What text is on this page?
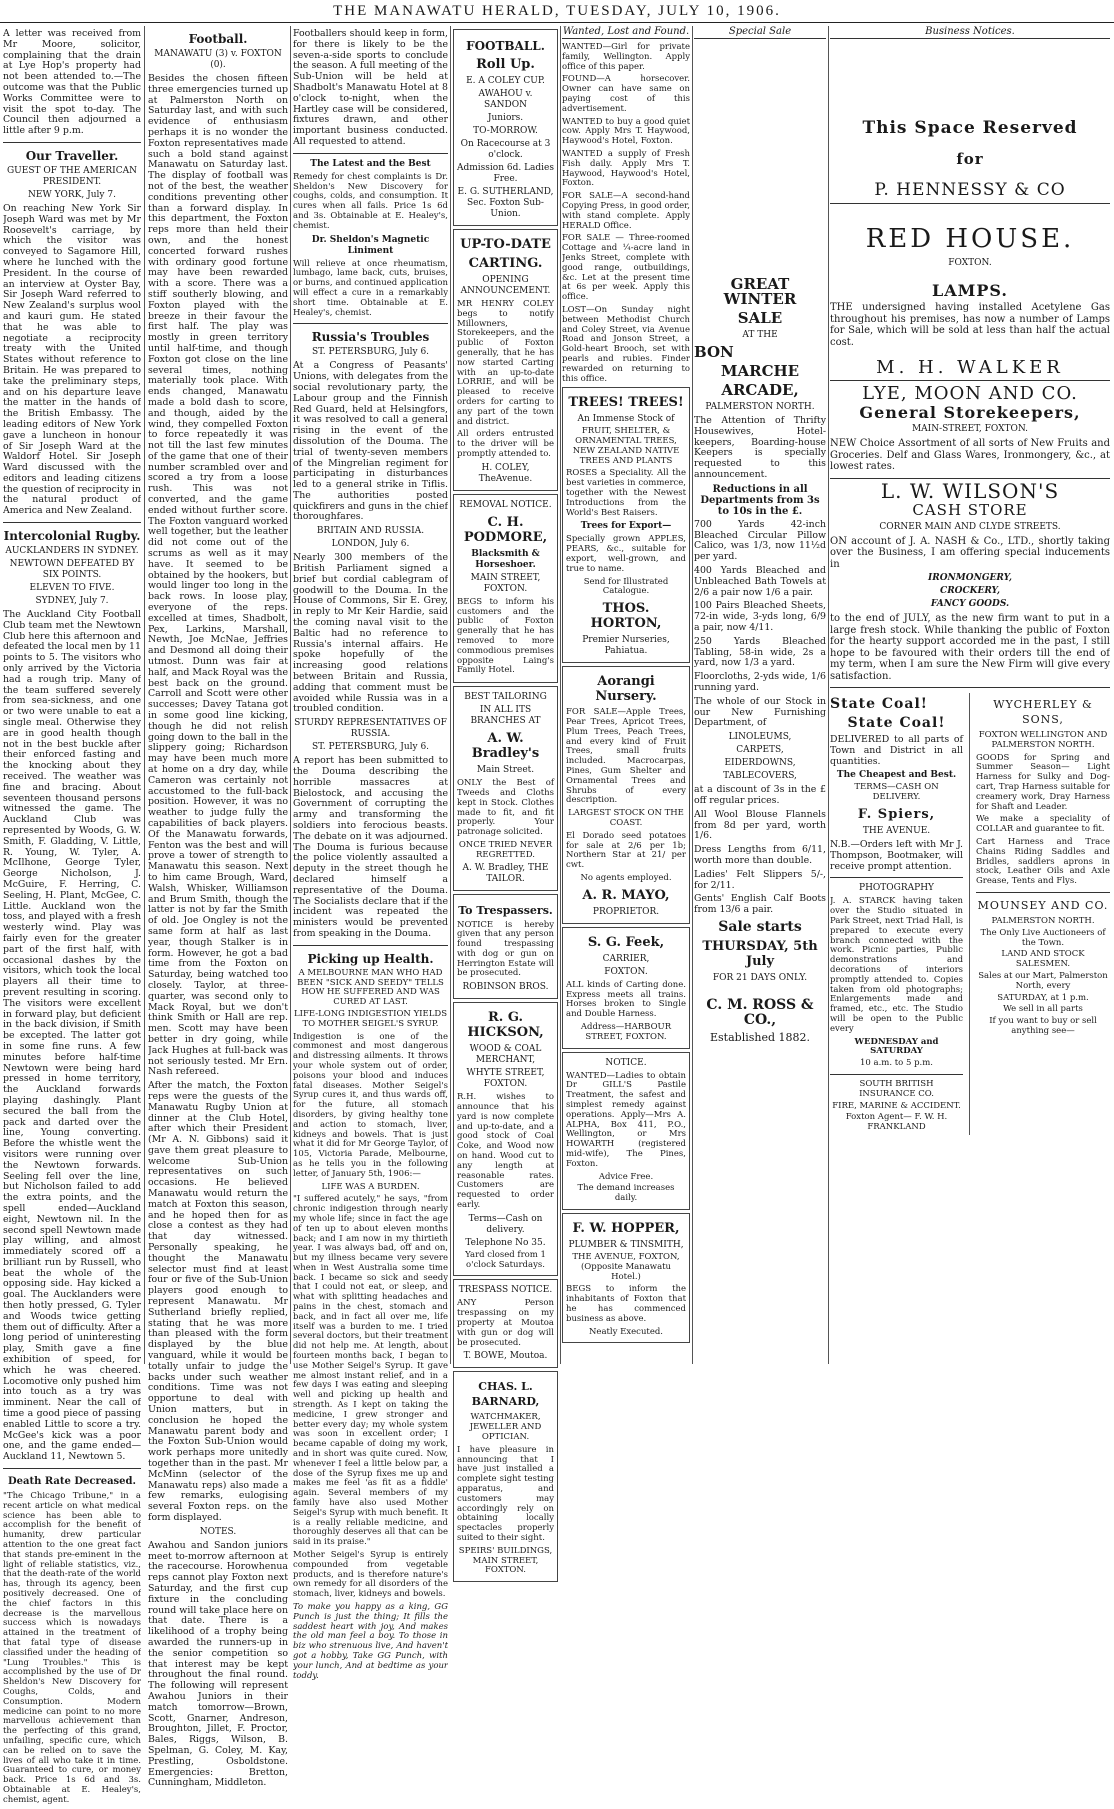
THE MANAWATU HERALD, TUESDAY, JULY 10, 1906.

A letter was received from Mr Moore, solicitor, complaining that the drain at Lye Hop's property had not been attended to.—The outcome was that the Public Works Committee were to visit the spot to-day. The Council then adjourned a little after 9 p.m.

Our Traveller.
GUEST OF THE AMERICAN PRESIDENT.
NEW YORK, July 7.

On reaching New York Sir Joseph Ward was met by Mr Roosevelt's carriage, by which the visitor was conveyed to Sagamore Hill, where he lunched with the President. In the course of an interview at Oyster Bay, Sir Joseph Ward referred to New Zealand's surplus wool and kauri gum. He stated that he was able to negotiate a reciprocity treaty with the United States without reference to Britain. He was prepared to take the preliminary steps, and on his departure leave the matter in the hands of the British Embassy. The leading editors of New York gave a luncheon in honour of Sir Joseph Ward at the Waldorf Hotel. Sir Joseph Ward discussed with the editors and leading citizens the question of reciprocity in the natural product of America and New Zealand.

Intercolonial Rugby.
AUCKLANDERS IN SYDNEY.
NEWTOWN DEFEATED BY SIX POINTS.
ELEVEN TO FIVE.
SYDNEY, July 7.

The Auckland City Football Club team met the Newtown Club here this afternoon and defeated the local men by 11 points to 5. The visitors who only arrived by the Victoria had a rough trip. Many of the team suffered severely from sea-sickness, and one or two were unable to eat a single meal. Otherwise they are in good health though not in the best buckle after their enforced fasting and the knocking about they received. The weather was fine and bracing. About seventeen thousand persons witnessed the game. The Auckland Club was represented by Woods, G. W. Smith, F. Gladding, V. Little, R. Young, W. Tyler, A. McIlhone, George Tyler, George Nicholson, J. McGuire, F. Herring, C. Seeling, H. Plant, McGee, C. Little. Auckland won the toss, and played with a fresh westerly wind. Play was fairly even for the greater part of the first half, with occasional dashes by the visitors, which took the local players all their time to prevent resulting in scoring. The visitors were excellent in forward play, but deficient in the back division, if Smith be excepted. The latter got in some fine runs. A few minutes before half-time Newtown were being hard pressed in home territory, the Auckland forwards playing dashingly. Plant secured the ball from the pack and darted over the line, Young converting. Before the whistle went the visitors were running over the Newtown forwards. Seeling fell over the line, but Nicholson failed to add the extra points, and the spell ended—Auckland eight, Newtown nil. In the second spell Newtown made play willing, and almost immediately scored off a brilliant run by Russell, who beat the whole of the opposing side. Hay kicked a goal. The Aucklanders were then hotly pressed, G. Tyler and Woods twice getting them out of difficulty. After a long period of uninteresting play, Smith gave a fine exhibition of speed, for which he was cheered. Locomotive only pushed him into touch as a try was imminent. Near the call of time a good piece of passing enabled Little to score a try. McGee's kick was a poor one, and the game ended—Auckland 11, Newtown 5.

Death Rate Decreased.

"The Chicago Tribune," in a recent article on what medical science has been able to accomplish for the benefit of humanity, drew particular attention to the one great fact that stands pre-eminent in the light of reliable statistics, viz., that the death-rate of the world has, through its agency, been positively decreased. One of the chief factors in this decrease is the marvellous success which is nowadays attained in the treatment of that fatal type of disease classified under the heading of "Lung Troubles." This is accomplished by the use of Dr Sheldon's New Discovery for Coughs, Colds, and Consumption. Modern medicine can point to no more marvellous achievement than the perfecting of this grand, unfailing, specific cure, which can be relied on to save the lives of all who take it in time. Guaranteed to cure, or money back. Price 1s 6d and 3s. Obtainable at E. Healey's, chemist, agent.

Football.
MANAWATU (3) v. FOXTON (0).

Besides the chosen fifteen three emergencies turned up at Palmerston North on Saturday last, and with such evidence of enthusiasm perhaps it is no wonder the Foxton representatives made such a bold stand against Manawatu on Saturday last. The display of football was not of the best, the weather conditions preventing other than a forward display. In this department, the Foxton reps more than held their own, and the honest concerted forward rushes with ordinary good fortune may have been rewarded with a score. There was a stiff southerly blowing, and Foxton played with the breeze in their favour the first half. The play was mostly in green territory until half-time, and though Foxton got close on the line several times, nothing materially took place. With ends changed, Manawatu made a bold dash to score, and though, aided by the wind, they compelled Foxton to force repeatedly it was not till the last few minutes of the game that one of their number scrambled over and scored a try from a loose rush. This was not converted, and the game ended without further score. The Foxton vanguard worked well together, but the leather did not come out of the scrums as well as it may have. It seemed to be obtained by the hookers, but would linger too long in the back rows. In loose play, everyone of the reps. excelled at times, Shadbolt, Pex, Larkins, Marshall, Newth, Joe McNae, Jeffries and Desmond all doing their utmost. Dunn was fair at half, and Mack Royal was the best back on the ground. Carroll and Scott were other successes; Davey Tatana got in some good line kicking, though he did not relish going down to the ball in the slippery going; Richardson may have been much more at home on a dry day, while Cameron was certainly not accustomed to the full-back position. However, it was no weather to judge fully the capabilities of back players. Of the Manawatu forwards, Fenton was the best and will prove a tower of strength to Manawatu this season. Next to him came Brough, Ward, Walsh, Whisker, Williamson and Brum Smith, though the latter is not by far the Smith of old. Joe Ongley is not the same form at half as last year, though Stalker is in form. However, he got a bad time from the Foxton on Saturday, being watched too closely. Taylor, at three-quarter, was second only to Mack Royal, but we don't think Smith or Hall are rep. men. Scott may have been better in dry going, while Jack Hughes at full-back was not seriously tested. Mr Ern. Nash refereed.

After the match, the Foxton reps were the guests of the Manawatu Rugby Union at dinner at the Club Hotel, after which their President (Mr A. N. Gibbons) said it gave them great pleasure to welcome Sub-Union representatives on such occasions. He believed Manawatu would return the match at Foxton this season, and he hoped then for as close a contest as they had that day witnessed. Personally speaking, he thought the Manawatu selector must find at least four or five of the Sub-Union players good enough to represent Manawatu. Mr Sutherland briefly replied, stating that he was more than pleased with the form displayed by the blue vanguard, while it would be totally unfair to judge the backs under such weather conditions. Time was not opportune to deal with Union matters, but in conclusion he hoped the Manawatu parent body and the Foxton Sub-Union would work perhaps more unitedly together than in the past. Mr McMinn (selector of the Manawatu reps) also made a few remarks, eulogising several Foxton reps. on the form displayed.

NOTES.

Awahou and Sandon juniors meet to-morrow afternoon at the racecourse. Horowhenua reps cannot play Foxton next Saturday, and the first cup fixture in the concluding round will take place here on that date. There is a likelihood of a trophy being awarded the runners-up in the senior competition so that interest may be kept throughout the final round. The following will represent Awahou Juniors in their match tomorrow—Brown, Scott, Gnarner, Andreson, Broughton, Jillet, F. Proctor, Bales, Riggs, Wilson, B. Spelman, G. Coley, M. Kay, Prestling, Osboldstone. Emergencies: Bretton, Cunningham, Middleton.

Footballers should keep in form, for there is likely to be the seven-a-side sports to conclude the season. A full meeting of the Sub-Union will be held at Shadbolt's Manawatu Hotel at 8 o'clock to-night, when the Hartley case will be considered, fixtures drawn, and other important business conducted. All requested to attend.

The Latest and the Best

Remedy for chest complaints is Dr. Sheldon's New Discovery for coughs, colds, and consumption. It cures when all fails. Price 1s 6d and 3s. Obtainable at E. Healey's, chemist.

Dr. Sheldon's Magnetic Liniment

Will relieve at once rheumatism, lumbago, lame back, cuts, bruises, or burns, and continued application will effect a cure in a remarkably short time. Obtainable at E. Healey's, chemist.

Russia's Troubles
ST. PETERSBURG, July 6.

At a Congress of Peasants' Unions, with delegates from the social revolutionary party, the Labour group and the Finnish Red Guard, held at Helsingfors, it was resolved to call a general rising in the event of the dissolution of the Douma. The trial of twenty-seven members of the Mingrelian regiment for participating in disturbances led to a general strike in Tiflis. The authorities posted quickfirers and guns in the chief thoroughfares.

BRITAIN AND RUSSIA.
LONDON, July 6.

Nearly 300 members of the British Parliament signed a brief but cordial cablegram of goodwill to the Douma. In the House of Commons, Sir E. Grey, in reply to Mr Keir Hardie, said the coming naval visit to the Baltic had no reference to Russia's internal affairs. He spoke hopefully of the increasing good relations between Britain and Russia, adding that comment must be avoided while Russia was in a troubled condition.

STURDY REPRESENTATIVES OF RUSSIA.
ST. PETERSBURG, July 6.

A report has been submitted to the Douma describing the horrible massacres at Bielostock, and accusing the Government of corrupting the army and transforming the soldiers into ferocious beasts. The debate on it was adjourned. The Douma is furious because the police violently assaulted a deputy in the street though he declared himself a representative of the Douma. The Socialists declare that if the incident was repeated the ministers would be prevented from speaking in the Douma.

Picking up Health.
A MELBOURNE MAN WHO HAD BEEN "SICK AND SEEDY" TELLS HOW HE SUFFERED AND WAS CURED AT LAST.
LIFE-LONG INDIGESTION YIELDS TO MOTHER SEIGEL'S SYRUP.

Indigestion is one of the commonest and most dangerous and distressing ailments. It throws your whole system out of order, poisons your blood and induces fatal diseases. Mother Seigel's Syrup cures it, and thus wards off, for the future, all stomach disorders, by giving healthy tone and action to stomach, liver, kidneys and bowels. That is just what it did for Mr George Taylor, of 105, Victoria Parade, Melbourne, as he tells you in the following letter, of January 5th, 1906:—

LIFE WAS A BURDEN.

"I suffered acutely," he says, "from chronic indigestion through nearly my whole life; since in fact the age of ten up to about eleven months back; and I am now in my thirtieth year. I was always bad, off and on, but my illness became very severe when in West Australia some time back. I became so sick and seedy that I could not eat, or sleep, and what with splitting headaches and pains in the chest, stomach and back, and in fact all over me, life itself was a burden to me. I tried several doctors, but their treatment did not help me. At length, about fourteen months back, I began to use Mother Seigel's Syrup. It gave me almost instant relief, and in a few days I was eating and sleeping well and picking up health and strength. As I kept on taking the medicine, I grew stronger and better every day; my whole system was soon in excellent order; I became capable of doing my work, and in short was quite cured. Now, whenever I feel a little below par, a dose of the Syrup fixes me up and makes me feel 'as fit as a fiddle' again. Several members of my family have also used Mother Seigel's Syrup with much benefit. It is a really reliable medicine, and thoroughly deserves all that can be said in its praise."

Mother Seigel's Syrup is entirely compounded from vegetable products, and is therefore nature's own remedy for all disorders of the stomach, liver, kidneys and bowels.

To make you happy as a king, GG Punch is just the thing; It fills the saddest heart with joy, And makes the old man feel a boy. To those in biz who strenuous live, And haven't got a hobby, Take GG Punch, with your lunch, And at bedtime as your toddy.

FOOTBALL.
Roll Up.
E. A COLEY CUP.
AWAHOU v. SANDON
Juniors.
TO-MORROW.
On Racecourse at 3 o'clock.
Admission 6d. Ladies Free.
E. G. SUTHERLAND, Sec. Foxton Sub-Union.
UP-TO-DATE
CARTING.
OPENING ANNOUNCEMENT.

MR HENRY COLEY begs to notify Millowners, Storekeepers, and the public of Foxton generally, that he has now started Carting with an up-to-date LORRIE, and will be pleased to receive orders for carting to any part of the town and district.

All orders entrusted to the driver will be promptly attended to.

H. COLEY, TheAvenue.
REMOVAL NOTICE.
C. H. PODMORE,
Blacksmith & Horseshoer.
MAIN STREET, FOXTON.

BEGS to inform his customers and the public of Foxton generally that he has removed to more commodious premises opposite Laing's Family Hotel.

BEST TAILORING
IN ALL ITS BRANCHES AT
A. W. Bradley's
Main Street.

ONLY the Best of Tweeds and Cloths kept in Stock. Clothes made to fit, and fit properly. Your patronage solicited.

ONCE TRIED NEVER REGRETTED.
A. W. Bradley, THE TAILOR.
To Trespassers.

NOTICE is hereby given that any person found trespassing with dog or gun on Herrington Estate will be prosecuted.

ROBINSON BROS.
R. G. HICKSON,
WOOD & COAL MERCHANT,
WHYTE STREET, FOXTON.

R.H. wishes to announce that his yard is now complete and up-to-date, and a good stock of Coal Coke, and Wood now on hand. Wood cut to any length at reasonable rates. Customers are requested to order early.

Terms—Cash on delivery.
Telephone No 35.
Yard closed from 1 o'clock Saturdays.
TRESPASS NOTICE.

ANY Person trespassing on my property at Moutoa with gun or dog will be prosecuted.

T. BOWE, Moutoa.
CHAS. L. BARNARD,
WATCHMAKER, JEWELLER AND OPTICIAN.

I have pleasure in announcing that I have just installed a complete sight testing apparatus, and customers may accordingly rely on obtaining locally spectacles properly suited to their sight.

SPEIRS' BUILDINGS, MAIN STREET, FOXTON.
Wanted, Lost and Found.

WANTED—Girl for private family, Wellington. Apply office of this paper.

FOUND—A horsecover. Owner can have same on paying cost of this advertisement.

WANTED to buy a good quiet cow. Apply Mrs T. Haywood, Haywood's Hotel, Foxton.

WANTED a supply of Fresh Fish daily. Apply Mrs T. Haywood, Haywood's Hotel, Foxton.

FOR SALE—A second-hand Copying Press, in good order, with stand complete. Apply HERALD Office.

FOR SALE — Three-roomed Cottage and ¼-acre land in Jenks Street, complete with good range, outbuildings, &c. Let at the present time at 6s per week. Apply this office.

LOST—On Sunday night between Methodist Church and Coley Street, via Avenue Road and Jonson Street, a Gold-heart Brooch, set with pearls and rubies. Finder rewarded on returning to this office.

TREES! TREES!
An Immense Stock of
FRUIT, SHELTER, & ORNAMENTAL TREES, NEW ZEALAND NATIVE TREES AND PLANTS

ROSES a Speciality. All the best varieties in commerce, together with the Newest Introductions from the World's Best Raisers.

Trees for Export—

Specially grown APPLES, PEARS, &c., suitable for export, well-grown, and true to name.

Send for Illustrated Catalogue.
THOS. HORTON,
Premier Nurseries, Pahiatua.
Aorangi Nursery.

FOR SALE—Apple Trees, Pear Trees, Apricot Trees, Plum Trees, Peach Trees, and every kind of Fruit Trees, small fruits included. Macrocarpas, Pines, Gum Shelter and Ornamental Trees and Shrubs of every description.

LARGEST STOCK ON THE COAST.

El Dorado seed potatoes for sale at 2/6 per 1b; Northern Star at 21/ per cwt.

No agents employed.
A. R. MAYO,
PROPRIETOR.
S. G. Feek,
CARRIER,
FOXTON.

ALL kinds of Carting done. Express meets all trains. Horses broken to Single and Double Harness.

Address—HARBOUR STREET, FOXTON.
NOTICE.

WANTED—Ladies to obtain Dr GILL'S Pastile Treatment, the safest and simplest remedy against operations. Apply—Mrs A. ALPHA, Box 411, P.O., Wellington, or Mrs HOWARTH (registered mid-wife), The Pines, Foxton.

Advice Free.
The demand increases daily.
F. W. HOPPER,
PLUMBER & TINSMITH,
THE AVENUE, FOXTON, (Opposite Manawatu Hotel.)

BEGS to inform the inhabitants of Foxton that he has commenced business as above.

Neatly Executed.
Special Sale
GREAT WINTER
SALE
AT THE
BON
MARCHE
ARCADE,
PALMERSTON NORTH.

The Attention of Thrifty Housewives, Hotel-keepers, Boarding-house Keepers is specially requested to this announcement.

Reductions in all Departments from 3s to 10s in the £.

700 Yards 42-inch Bleached Circular Pillow Calico, was 1/3, now 11½d per yard.

400 Yards Bleached and Unbleached Bath Towels at 2/6 a pair now 1/6 a pair.

100 Pairs Bleached Sheets, 72-in wide, 3-yds long, 6/9 a pair, now 4/11.

250 Yards Bleached Tabling, 58-in wide, 2s a yard, now 1/3 a yard.

Floorcloths, 2-yds wide, 1/6 running yard.

The whole of our Stock in our New Furnishing Department, of

LINOLEUMS,
CARPETS,
EIDERDOWNS,
TABLECOVERS,

at a discount of 3s in the £ off regular prices.

All Wool Blouse Flannels from 8d per yard, worth 1/6.

Dress Lengths from 6/11, worth more than double.

Ladies' Felt Slippers 5/-, for 2/11.

Gents' English Calf Boots from 13/6 a pair.

Sale starts
THURSDAY, 5th July
FOR 21 DAYS ONLY.
C. M. ROSS & CO.,
Established 1882.
Business Notices.
This Space Reserved
for
P. HENNESSY & CO
RED HOUSE.
FOXTON.
LAMPS.

THE undersigned having installed Acetylene Gas throughout his premises, has now a number of Lamps for Sale, which will be sold at less than half the actual cost.

M. H. WALKER
LYE, MOON AND CO.
General Storekeepers,
MAIN-STREET, FOXTON.

NEW Choice Assortment of all sorts of New Fruits and Groceries. Delf and Glass Wares, Ironmongery, &c., at lowest rates.

L. W. WILSON'S
CASH STORE
CORNER MAIN AND CLYDE STREETS.

ON account of J. A. NASH & Co., LTD., shortly taking over the Business, I am offering special inducements in

IRONMONGERY,
CROCKERY,
FANCY GOODS.

to the end of JULY, as the new firm want to put in a large fresh stock. While thanking the public of Foxton for the hearty support accorded me in the past, I still hope to be favoured with their orders till the end of my term, when I am sure the New Firm will give every satisfaction.

State Coal!
State Coal!

DELIVERED to all parts of Town and District in all quantities.

The Cheapest and Best.
TERMS—CASH ON DELIVERY.
F. Spiers,
THE AVENUE.

N.B.—Orders left with Mr J. Thompson, Bootmaker, will receive prompt attention.

PHOTOGRAPHY

J. A. STARCK having taken over the Studio situated in Park Street, next Triad Hall, is prepared to execute every branch connected with the work. Picnic parties, Public demonstrations and decorations of interiors promptly attended to. Copies taken from old photographs; Enlargements made and framed, etc., etc. The Studio will be open to the Public every

WEDNESDAY and SATURDAY
10 a.m. to 5 p.m.
SOUTH BRITISH INSURANCE CO.
FIRE, MARINE & ACCIDENT.
Foxton Agent— F. W. H. FRANKLAND
WYCHERLEY & SONS,
FOXTON WELLINGTON AND PALMERSTON NORTH.

GOODS for Spring and Summer Season— Light Harness for Sulky and Dog-cart, Trap Harness suitable for creamery work, Dray Harness for Shaft and Leader.

We make a speciality of COLLAR and guarantee to fit.

Cart Harness and Trace Chains Riding Saddles and Bridles, saddlers aprons in stock, Leather Oils and Axle Grease, Tents and Flys.

MOUNSEY AND CO.
PALMERSTON NORTH.
The Only Live Auctioneers of the Town.
LAND AND STOCK SALESMEN.
Sales at our Mart, Palmerston North, every
SATURDAY, at 1 p.m.
We sell in all parts
If you want to buy or sell anything see—
